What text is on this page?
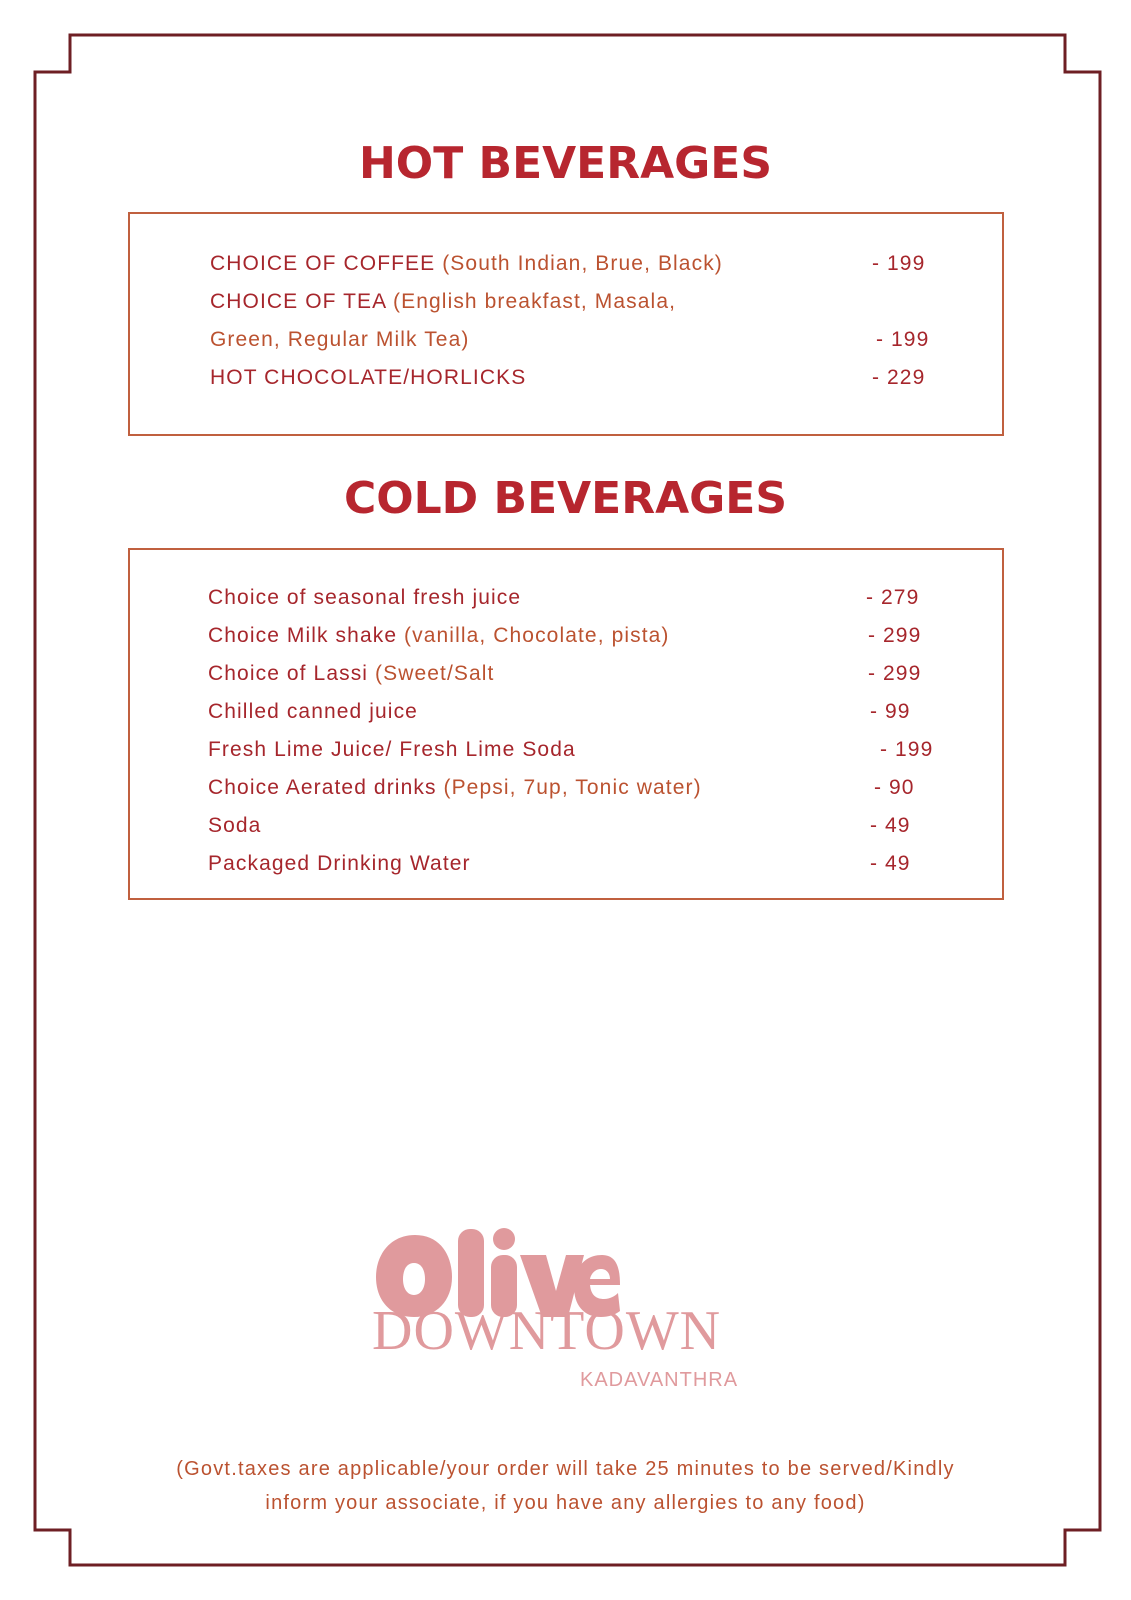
HOT BEVERAGES
CHOICE OF COFFEE (South Indian, Brue, Black)	- 199
CHOICE OF TEA (English breakfast, Masala,
Green, Regular Milk Tea)	- 199
HOT CHOCOLATE/HORLICKS	- 229
COLD BEVERAGES
Choice of seasonal fresh juice	- 279
Choice Milk shake (vanilla, Chocolate, pista)	- 299
Choice of Lassi (Sweet/Salt	- 299
Chilled canned juice	- 99
Fresh Lime Juice/ Fresh Lime Soda	- 199
Choice Aerated drinks (Pepsi, 7up, Tonic water)	- 90
Soda	- 49
Packaged Drinking Water	- 49

DOWNTOWN

KADAVANTHRA

(Govt.taxes are applicable/your order will take 25 minutes to be served/Kindly
inform your associate, if you have any allergies to any food)
